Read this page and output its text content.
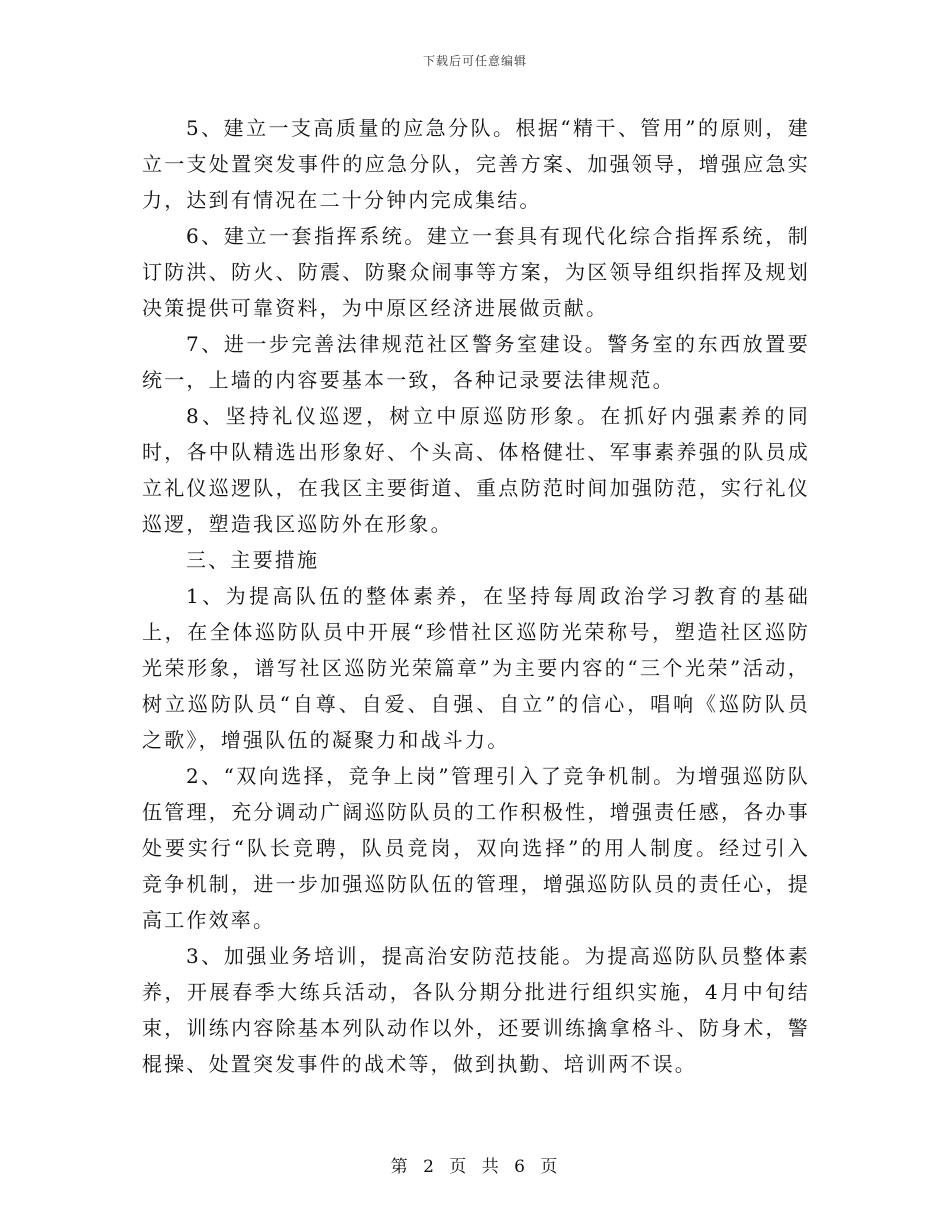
下载后可任意编辑

5、建立一支高质量的应急分队。根据“精干、管用”的原则，建立一支处置突发事件的应急分队，完善方案、加强领导，增强应急实力，达到有情况在二十分钟内完成集结。

6、建立一套指挥系统。建立一套具有现代化综合指挥系统，制订防洪、防火、防震、防聚众闹事等方案，为区领导组织指挥及规划决策提供可靠资料，为中原区经济进展做贡献。

7、进一步完善法律规范社区警务室建设。警务室的东西放置要统一，上墙的内容要基本一致，各种记录要法律规范。

8、坚持礼仪巡逻，树立中原巡防形象。在抓好内强素养的同时，各中队精选出形象好、个头高、体格健壮、军事素养强的队员成立礼仪巡逻队，在我区主要街道、重点防范时间加强防范，实行礼仪巡逻，塑造我区巡防外在形象。

三、主要措施

1、为提高队伍的整体素养，在坚持每周政治学习教育的基础上，在全体巡防队员中开展“珍惜社区巡防光荣称号，塑造社区巡防光荣形象，谱写社区巡防光荣篇章”为主要内容的“三个光荣”活动，树立巡防队员“自尊、自爱、自强、自立”的信心，唱响《巡防队员之歌》，增强队伍的凝聚力和战斗力。

2、“双向选择，竞争上岗”管理引入了竞争机制。为增强巡防队伍管理，充分调动广阔巡防队员的工作积极性，增强责任感，各办事处要实行“队长竞聘，队员竞岗，双向选择”的用人制度。经过引入竞争机制，进一步加强巡防队伍的管理，增强巡防队员的责任心，提高工作效率。

3、加强业务培训，提高治安防范技能。为提高巡防队员整体素养，开展春季大练兵活动，各队分期分批进行组织实施，4月中旬结束，训练内容除基本列队动作以外，还要训练擒拿格斗、防身术，警棍操、处置突发事件的战术等，做到执勤、培训两不误。

第 2 页 共 6 页
